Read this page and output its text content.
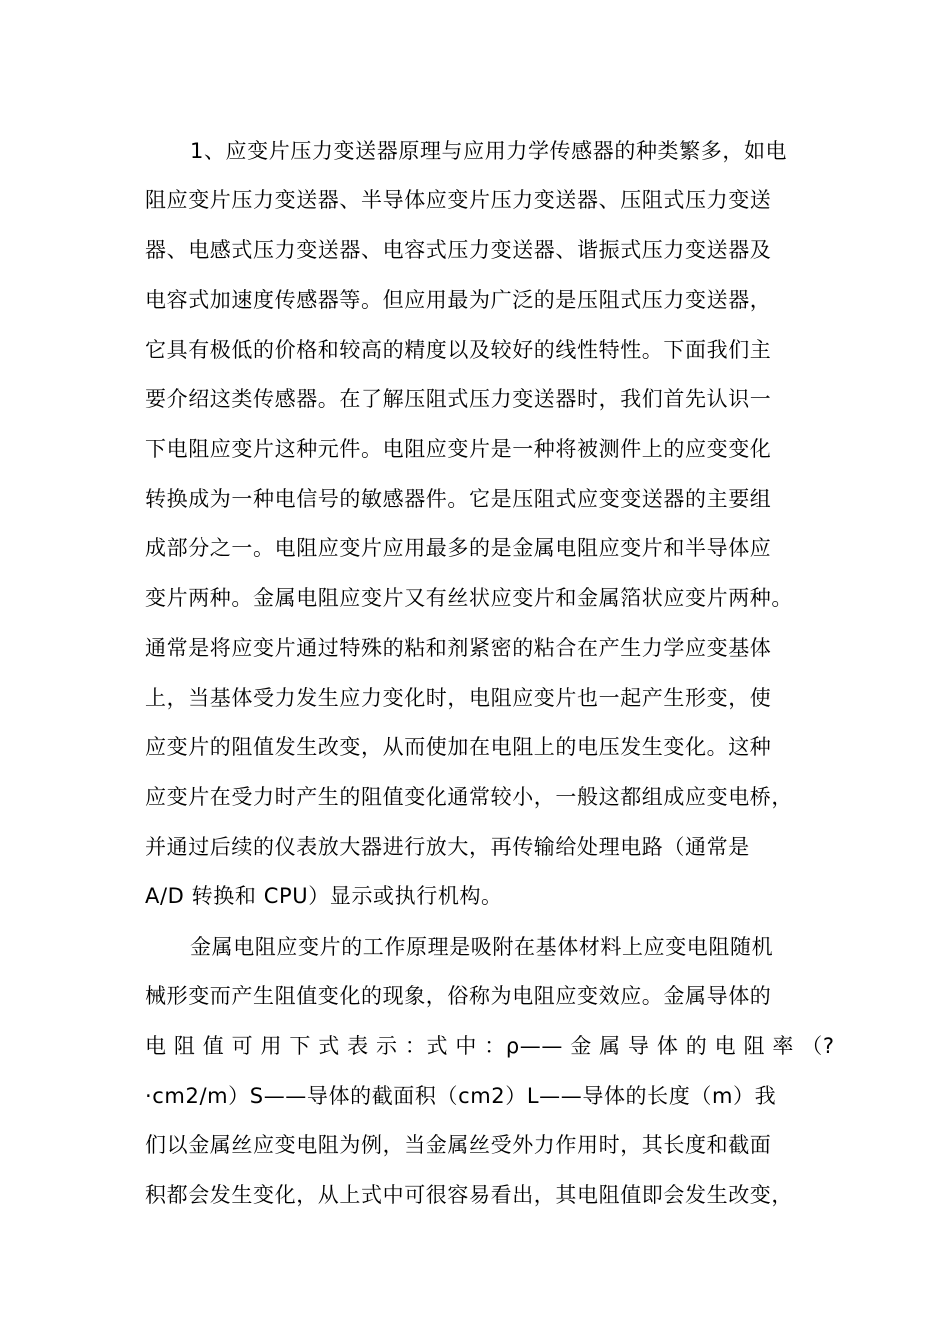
1、应变片压力变送器原理与应用力学传感器的种类繁多，如电
阻应变片压力变送器、半导体应变片压力变送器、压阻式压力变送
器、电感式压力变送器、电容式压力变送器、谐振式压力变送器及
电容式加速度传感器等。但应用最为广泛的是压阻式压力变送器，
它具有极低的价格和较高的精度以及较好的线性特性。下面我们主
要介绍这类传感器。在了解压阻式压力变送器时，我们首先认识一
下电阻应变片这种元件。电阻应变片是一种将被测件上的应变变化
转换成为一种电信号的敏感器件。它是压阻式应变变送器的主要组
成部分之一。电阻应变片应用最多的是金属电阻应变片和半导体应
变片两种。金属电阻应变片又有丝状应变片和金属箔状应变片两种。
通常是将应变片通过特殊的粘和剂紧密的粘合在产生力学应变基体
上，当基体受力发生应力变化时，电阻应变片也一起产生形变，使
应变片的阻值发生改变，从而使加在电阻上的电压发生变化。这种
应变片在受力时产生的阻值变化通常较小，一般这都组成应变电桥，
并通过后续的仪表放大器进行放大，再传输给处理电路（通常是
A/D 转换和 CPU）显示或执行机构。
金属电阻应变片的工作原理是吸附在基体材料上应变电阻随机
械形变而产生阻值变化的现象，俗称为电阻应变效应。金属导体的
电 阻 值 可 用 下 式 表 示 ：式 中 ：ρ—— 金 属 导 体 的 电 阻 率 （?
·cm2/m）S——导体的截面积（cm2）L——导体的长度（m）我
们以金属丝应变电阻为例，当金属丝受外力作用时，其长度和截面
积都会发生变化，从上式中可很容易看出，其电阻值即会发生改变，
